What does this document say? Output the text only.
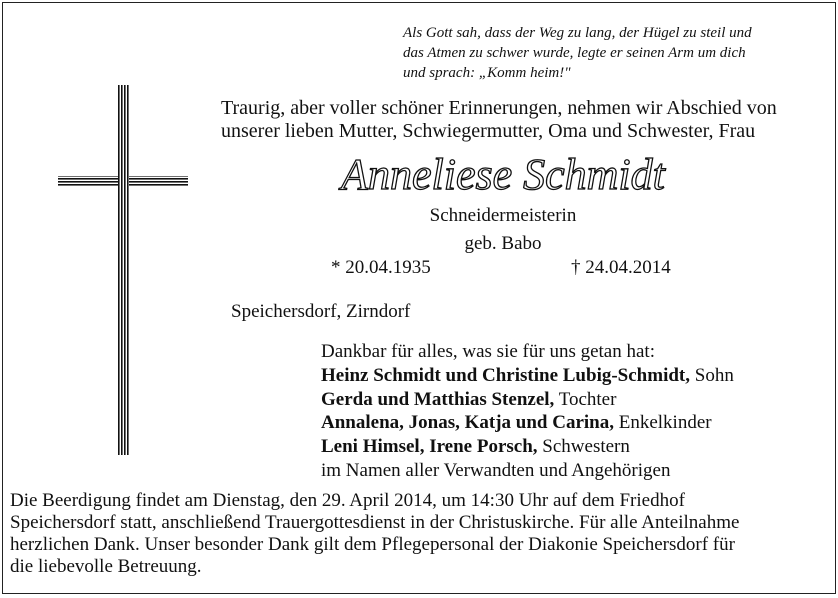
Als Gott sah, dass der Weg zu lang, der Hügel zu steil und
das Atmen zu schwer wurde, legte er seinen Arm um dich
und sprach: „Komm heim!"
Traurig, aber voller schöner Erinnerungen, nehmen wir Abschied von
unserer lieben Mutter, Schwiegermutter, Oma und Schwester, Frau
Anneliese Schmidt
Schneidermeisterin
geb. Babo
* 20.04.1935	† 24.04.2014
Speichersdorf, Zirndorf
Dankbar für alles, was sie für uns getan hat:
Heinz Schmidt und Christine Lubig-Schmidt, Sohn
Gerda und Matthias Stenzel, Tochter
Annalena, Jonas, Katja und Carina, Enkelkinder
Leni Himsel, Irene Porsch, Schwestern
im Namen aller Verwandten und Angehörigen
Die Beerdigung findet am Dienstag, den 29. April 2014, um 14:30 Uhr auf dem Friedhof
Speichersdorf statt, anschließend Trauergottesdienst in der Christuskirche. Für alle Anteilnahme
herzlichen Dank. Unser besonder Dank gilt dem Pflegepersonal der Diakonie Speichersdorf für
die liebevolle Betreuung.
